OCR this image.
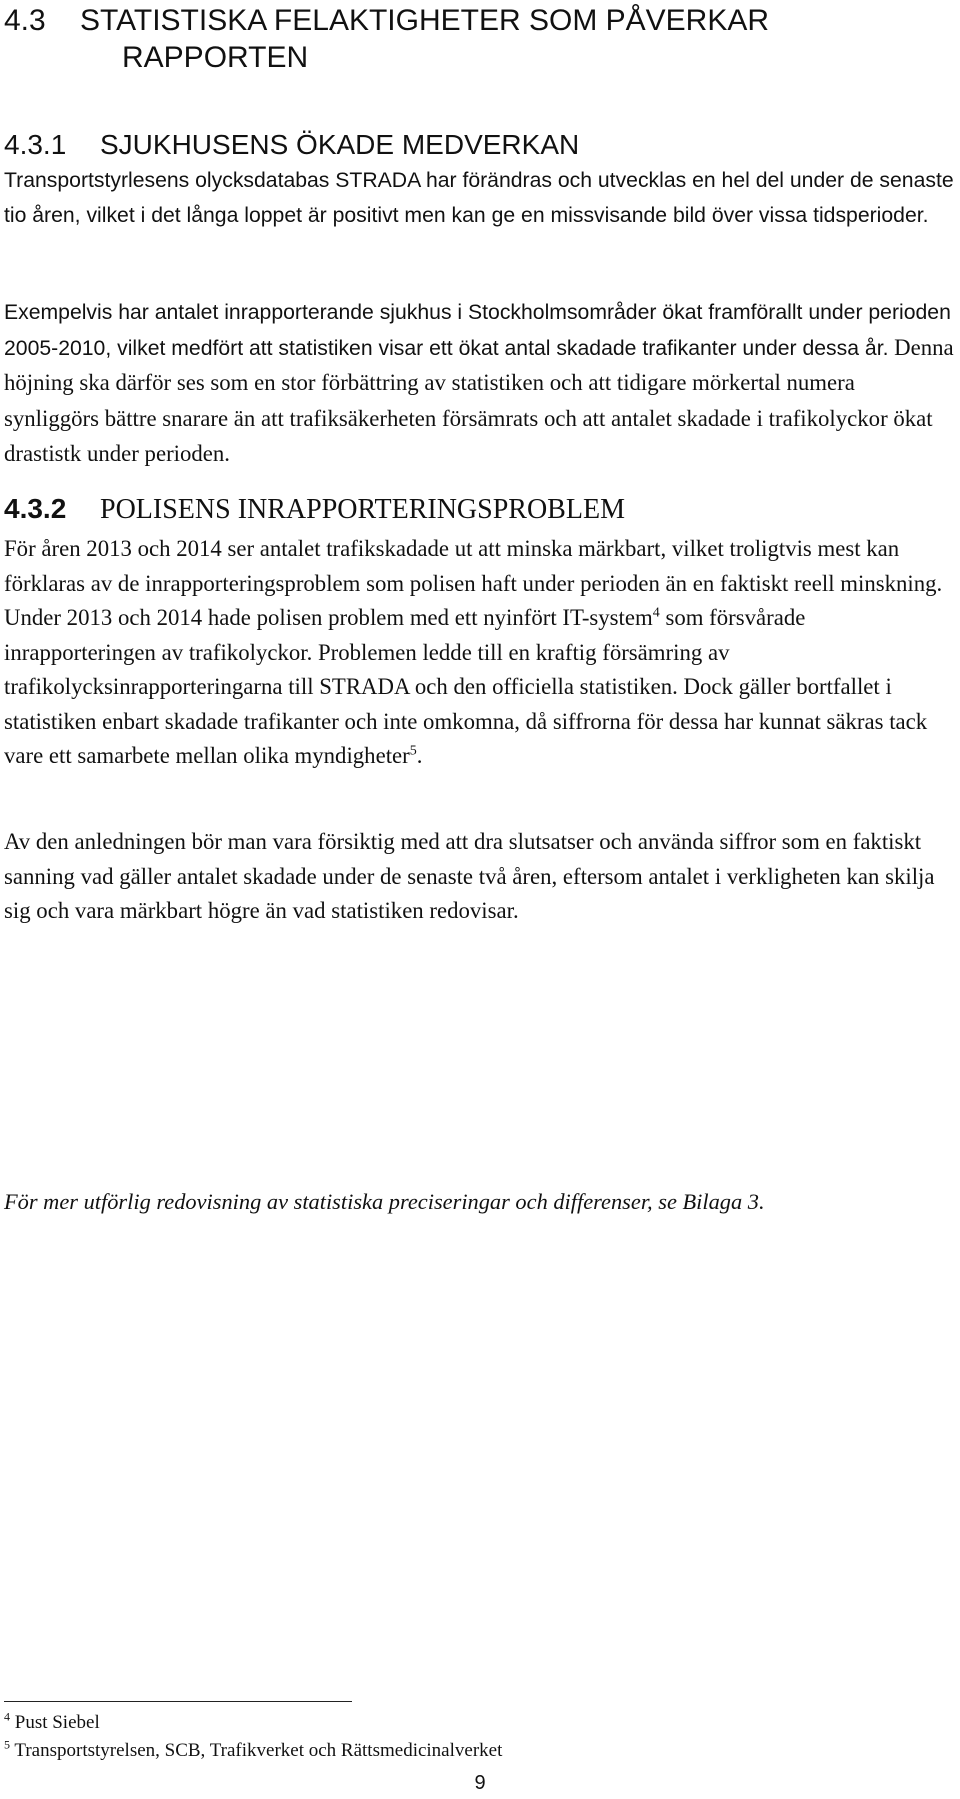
4.3 STATISTISKA FELAKTIGHETER SOM PÅVERKAR
RAPPORTEN
4.3.1 SJUKHUSENS ÖKADE MEDVERKAN

Transportstyrlesens olycksdatabas STRADA har förändras och utvecklas en hel del under de senaste tio åren, vilket i det långa loppet är positivt men kan ge en missvisande bild över vissa tidsperioder.

Exempelvis har antalet inrapporterande sjukhus i Stockholmsområder ökat framförallt under perioden 2005-2010, vilket medfört att statistiken visar ett ökat antal skadade trafikanter under dessa år. Denna höjning ska därför ses som en stor förbättring av statistiken och att tidigare mörkertal numera synliggörs bättre snarare än att trafiksäkerheten försämrats och att antalet skadade i trafikolyckor ökat drastistk under perioden.

4.3.2 POLISENS INRAPPORTERINGSPROBLEM

För åren 2013 och 2014 ser antalet trafikskadade ut att minska märkbart, vilket troligtvis mest kan förklaras av de inrapporteringsproblem som polisen haft under perioden än en faktiskt reell minskning. Under 2013 och 2014 hade polisen problem med ett nyinfört IT-system$^4$ som försvårade inrapporteringen av trafikolyckor. Problemen ledde till en kraftig försämring av trafikolycksinrapporteringarna till STRADA och den officiella statistiken. Dock gäller bortfallet i statistiken enbart skadade trafikanter och inte omkomna, då siffrorna för dessa har kunnat säkras tack vare ett samarbete mellan olika myndigheter$^5$.

Av den anledningen bör man vara försiktig med att dra slutsatser och använda siffror som en faktiskt sanning vad gäller antalet skadade under de senaste två åren, eftersom antalet i verkligheten kan skilja sig och vara märkbart högre än vad statistiken redovisar.

För mer utförlig redovisning av statistiska preciseringar och differenser, se Bilaga 3.

$^4$ Pust Siebel

$^5$ Transportstyrelsen, SCB, Trafikverket och Rättsmedicinalverket

9
